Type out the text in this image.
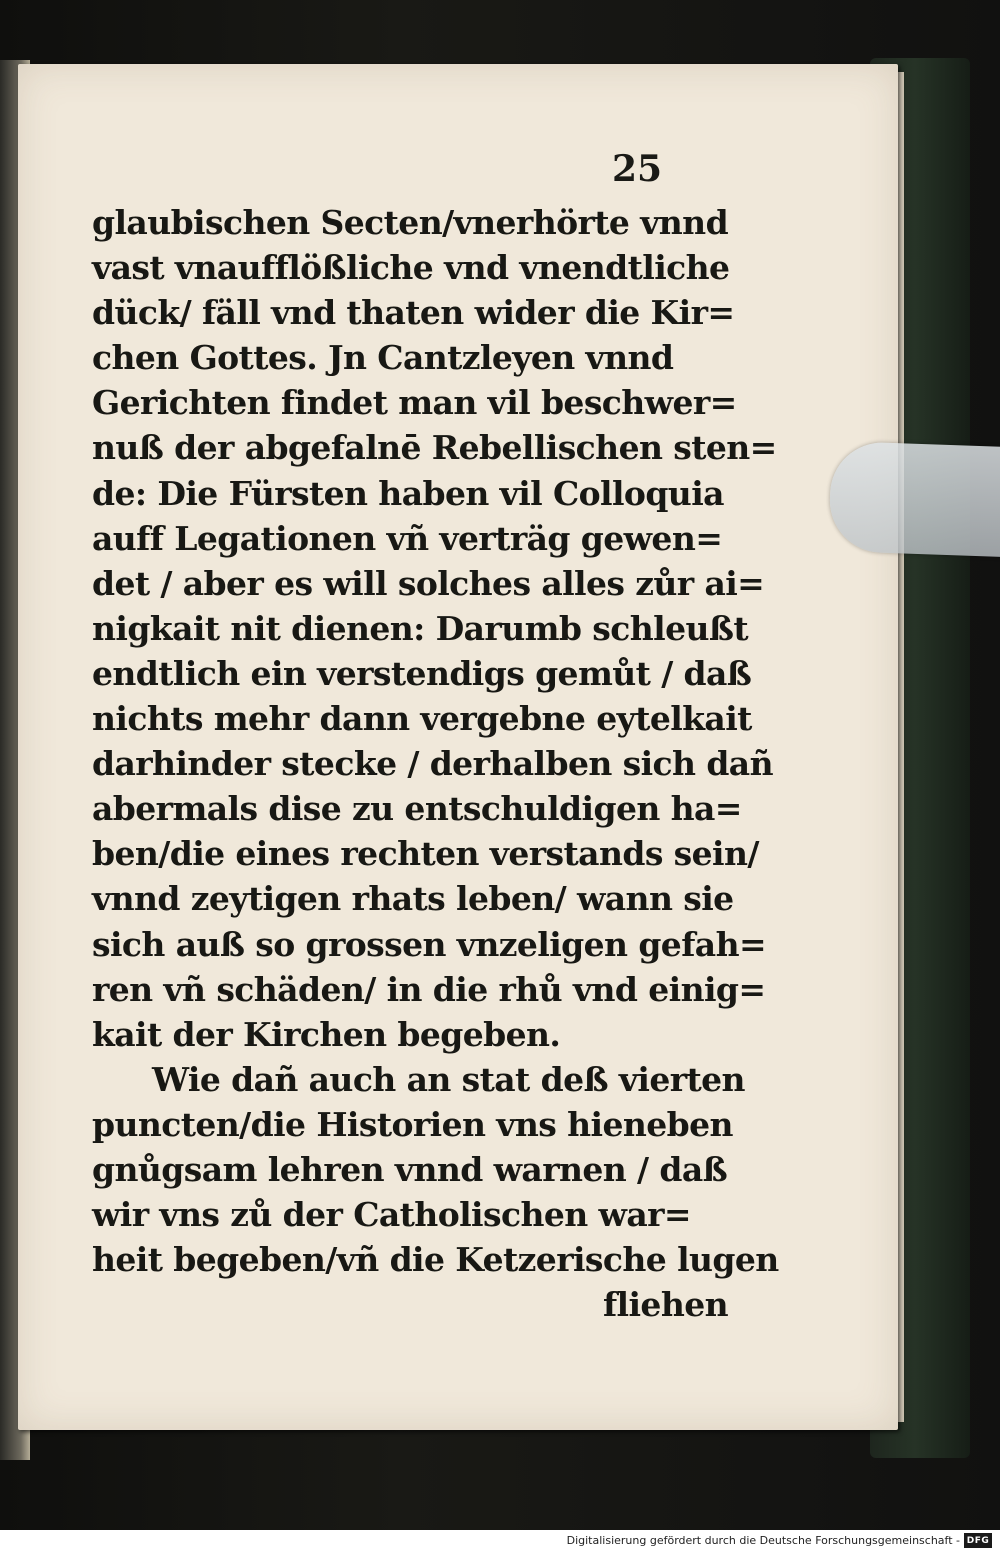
25

glaubischen Secten/vnerhörte vnnd
vast vnaufflößliche vnd vnendtliche
dück/ fäll vnd thaten wider die Kir=
chen Gottes. Jn Cantzleyen vnnd
Gerichten findet man vil beschwer=
nuß der abgefalnē Rebellischen sten=
de: Die Fürsten haben vil Colloquia
auff Legationen vñ verträg gewen=
det / aber es will solches alles zůr ai=
nigkait nit dienen: Darumb schleußt
endtlich ein verstendigs gemůt / daß
nichts mehr dann vergebne eytelkait
darhinder stecke / derhalben sich dañ
abermals dise zu entschuldigen ha=
ben/die eines rechten verstands sein/
vnnd zeytigen rhats leben/ wann sie
sich auß so grossen vnzeligen gefah=
ren vñ schäden/ in die rhů vnd einig=
kait der Kirchen begeben.
Wie dañ auch an stat deß vierten
puncten/die Historien vns hieneben
gnůgsam lehren vnnd warnen / daß
wir vns zů der Catholischen war=
heit begeben/vñ die Ketzerische lugen
fliehen
Digitalisierung gefördert durch die Deutsche Forschungsgemeinschaft - DFG
